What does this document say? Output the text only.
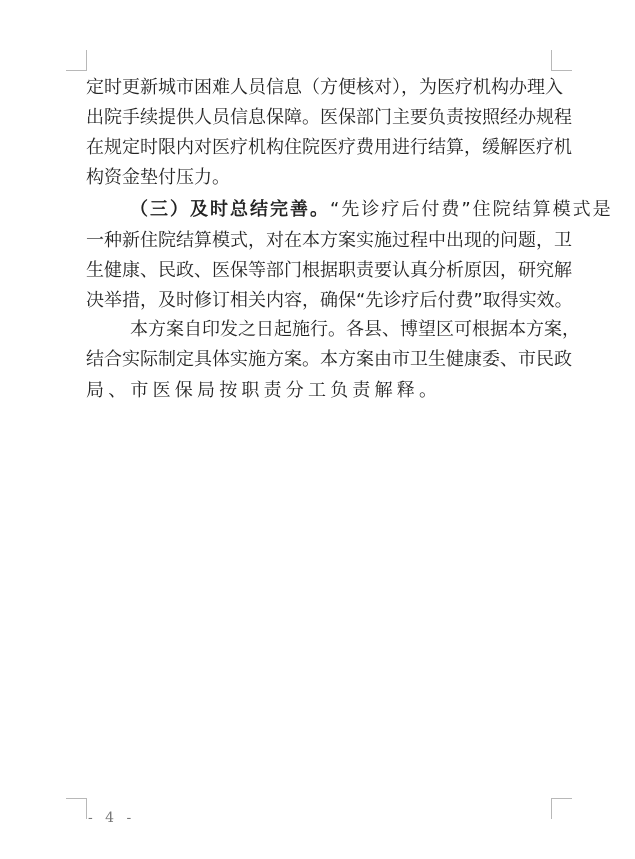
定时更新城市困难人员信息（方便核对），为医疗机构办理入
出院手续提供人员信息保障。医保部门主要负责按照经办规程
在规定时限内对医疗机构住院医疗费用进行结算，缓解医疗机
构资金垫付压力。
（三）及时总结完善。 “先诊疗后付费”住院结算模式是
一种新住院结算模式，对在本方案实施过程中出现的问题，卫
生健康、民政、医保等部门根据职责要认真分析原因，研究解
决举措，及时修订相关内容，确保“先诊疗后付费”取得实效。
本方案自印发之日起施行。各县、博望区可根据本方案，
结合实际制定具体实施方案。本方案由市卫生健康委、市民政
局、市医保局按职责分工负责解释。
- 4 -
